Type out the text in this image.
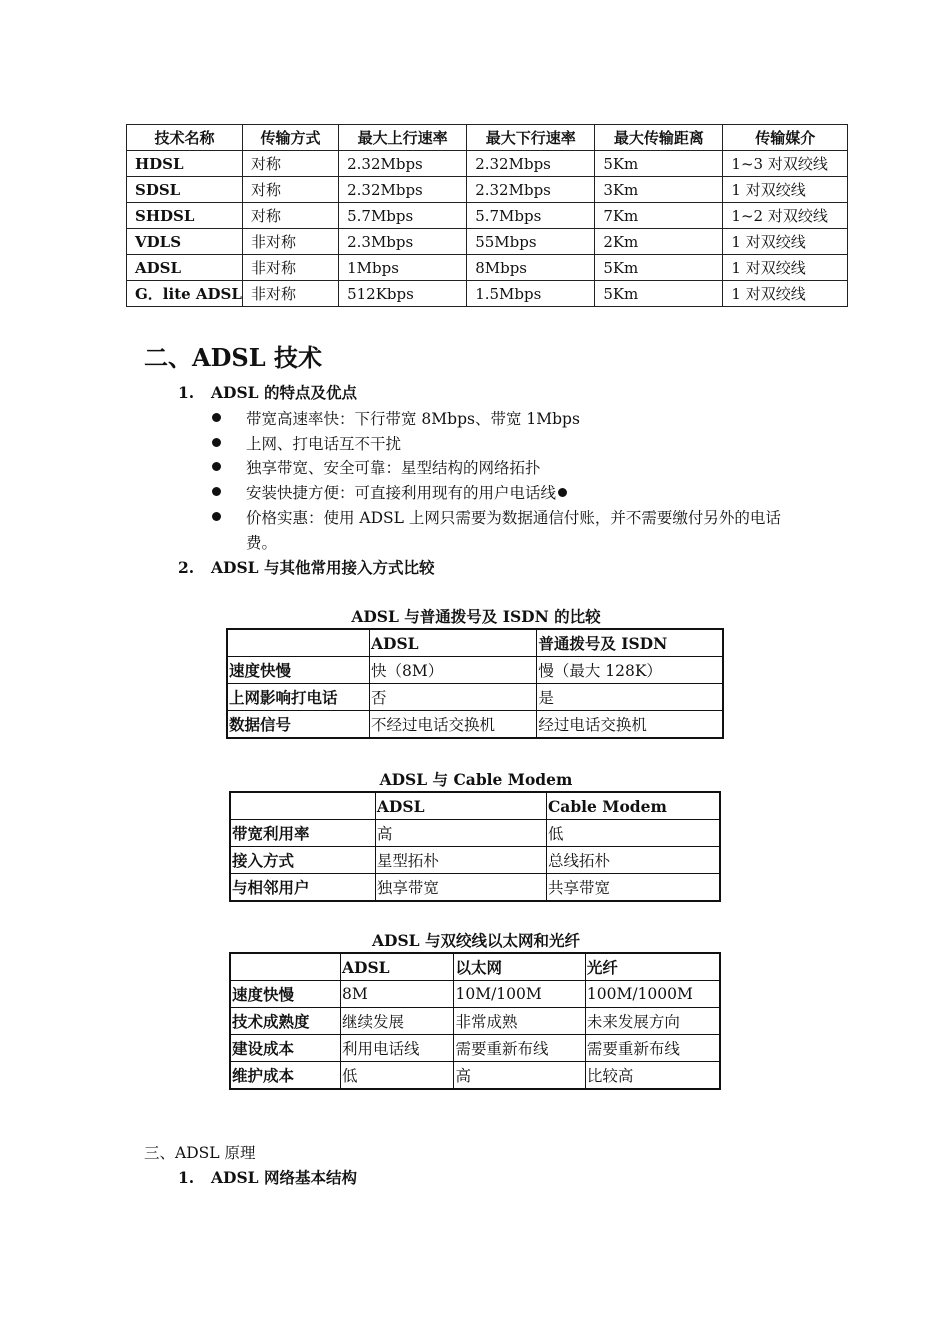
技术名称	传输方式	最大上行速率	最大下行速率	最大传输距离	传输媒介
HDSL	对称	2.32Mbps	2.32Mbps	5Km	1~3 对双绞线
SDSL	对称	2.32Mbps	2.32Mbps	3Km	1 对双绞线
SHDSL	对称	5.7Mbps	5.7Mbps	7Km	1~2 对双绞线
VDLS	非对称	2.3Mbps	55Mbps	2Km	1 对双绞线
ADSL	非对称	1Mbps	8Mbps	5Km	1 对双绞线
G．lite ADSL	非对称	512Kbps	1.5Mbps	5Km	1 对双绞线
二、ADSL 技术
1. ADSL 的特点及优点
带宽高速率快：下行带宽 8Mbps、带宽 1Mbps
上网、打电话互不干扰
独享带宽、安全可靠：星型结构的网络拓扑
安装快捷方便：可直接利用现有的用户电话线
价格实惠：使用 ADSL 上网只需要为数据通信付账，并不需要缴付另外的电话
费。
2. ADSL 与其他常用接入方式比较
ADSL 与普通拨号及 ISDN 的比较
	ADSL	普通拨号及 ISDN
速度快慢	快（8M）	慢（最大 128K）
上网影响打电话	否	是
数据信号	不经过电话交换机	经过电话交换机
ADSL 与 Cable Modem
	ADSL	Cable Modem
带宽利用率	高	低
接入方式	星型拓朴	总线拓朴
与相邻用户	独享带宽	共享带宽
ADSL 与双绞线以太网和光纤
	ADSL	以太网	光纤
速度快慢	8M	10M/100M	100M/1000M
技术成熟度	继续发展	非常成熟	未来发展方向
建设成本	利用电话线	需要重新布线	需要重新布线
维护成本	低	高	比较高
三、ADSL 原理
1. ADSL 网络基本结构
